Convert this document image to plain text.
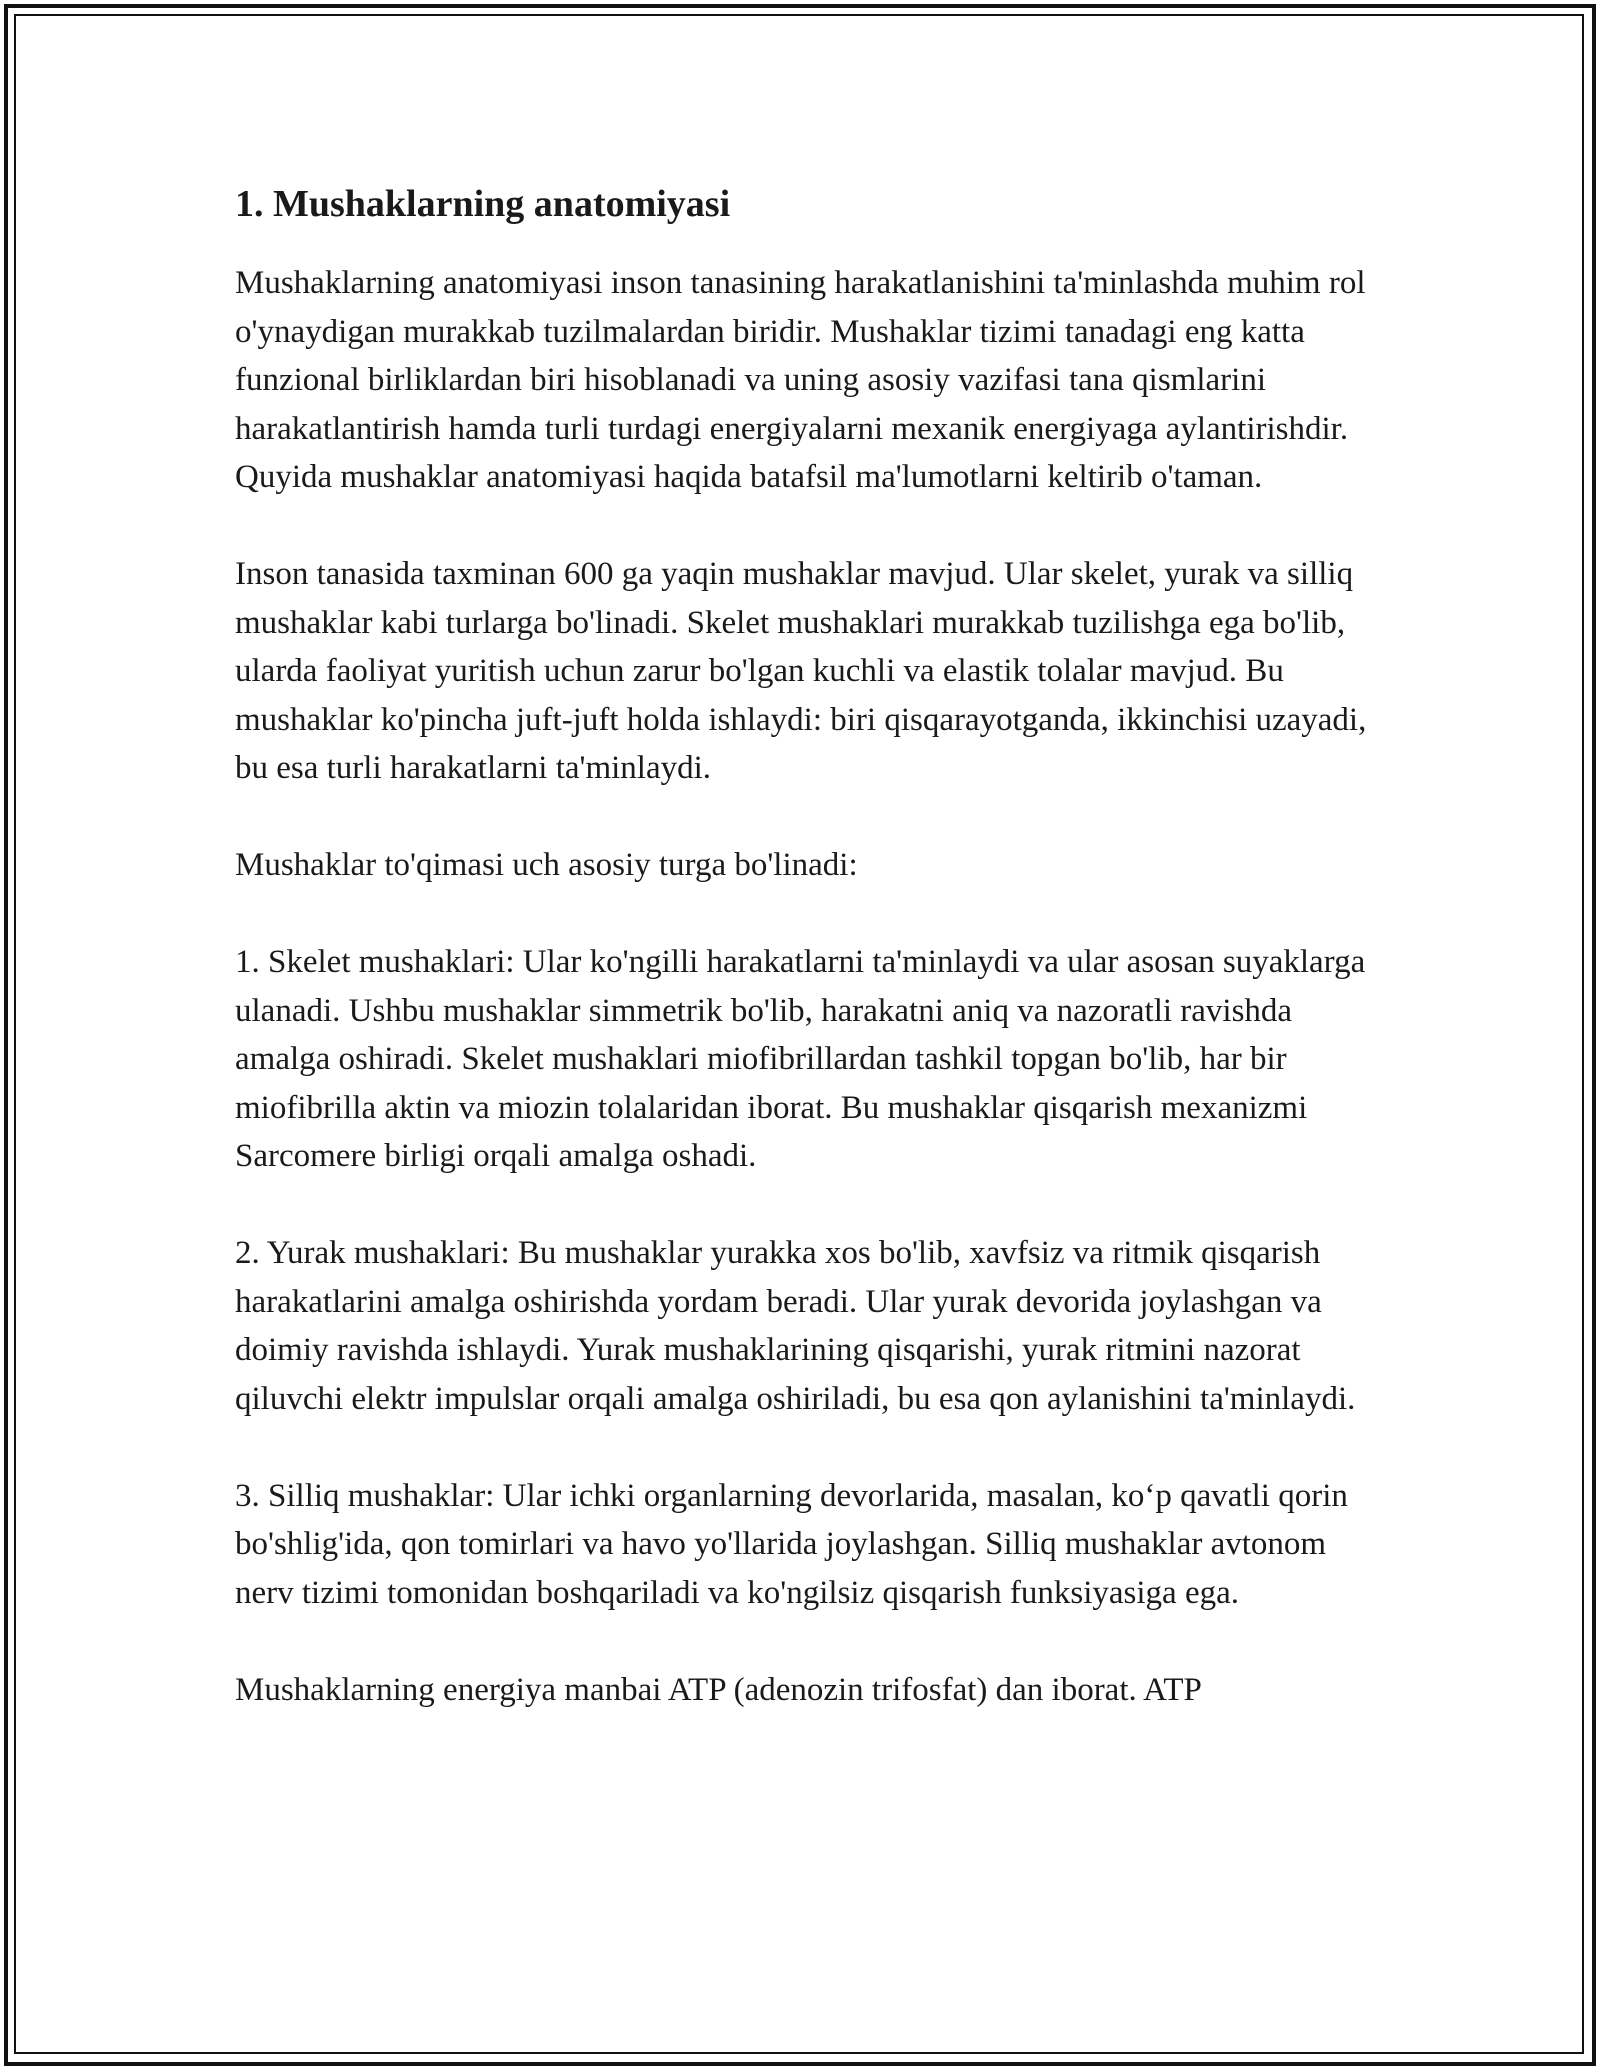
1. Mushaklarning anatomiyasi

Mushaklarning anatomiyasi inson tanasining harakatlanishini ta'minlashda muhim rol o'ynaydigan murakkab tuzilmalardan biridir. Mushaklar tizimi tanadagi eng katta funzional birliklardan biri hisoblanadi va uning asosiy vazifasi tana qismlarini harakatlantirish hamda turli turdagi energiyalarni mexanik energiyaga aylantirishdir. Quyida mushaklar anatomiyasi haqida batafsil ma'lumotlarni keltirib o'taman.

Inson tanasida taxminan 600 ga yaqin mushaklar mavjud. Ular skelet, yurak va silliq mushaklar kabi turlarga bo'linadi. Skelet mushaklari murakkab tuzilishga ega bo'lib, ularda faoliyat yuritish uchun zarur bo'lgan kuchli va elastik tolalar mavjud. Bu mushaklar ko'pincha juft-juft holda ishlaydi: biri qisqarayotganda, ikkinchisi uzayadi, bu esa turli harakatlarni ta'minlaydi.

Mushaklar to'qimasi uch asosiy turga bo'linadi:

1. Skelet mushaklari: Ular ko'ngilli harakatlarni ta'minlaydi va ular asosan suyaklarga ulanadi. Ushbu mushaklar simmetrik bo'lib, harakatni aniq va nazoratli ravishda amalga oshiradi. Skelet mushaklari miofibrillardan tashkil topgan bo'lib, har bir miofibrilla aktin va miozin tolalaridan iborat. Bu mushaklar qisqarish mexanizmi Sarcomere birligi orqali amalga oshadi.

2. Yurak mushaklari: Bu mushaklar yurakka xos bo'lib, xavfsiz va ritmik qisqarish harakatlarini amalga oshirishda yordam beradi. Ular yurak devorida joylashgan va doimiy ravishda ishlaydi. Yurak mushaklarining qisqarishi, yurak ritmini nazorat qiluvchi elektr impulslar orqali amalga oshiriladi, bu esa qon aylanishini ta'minlaydi.

3. Silliq mushaklar: Ular ichki organlarning devorlarida, masalan, ko‘p qavatli qorin bo'shlig'ida, qon tomirlari va havo yo'llarida joylashgan. Silliq mushaklar avtonom nerv tizimi tomonidan boshqariladi va ko'ngilsiz qisqarish funksiyasiga ega.

Mushaklarning energiya manbai ATP (adenozin trifosfat) dan iborat. ATP
